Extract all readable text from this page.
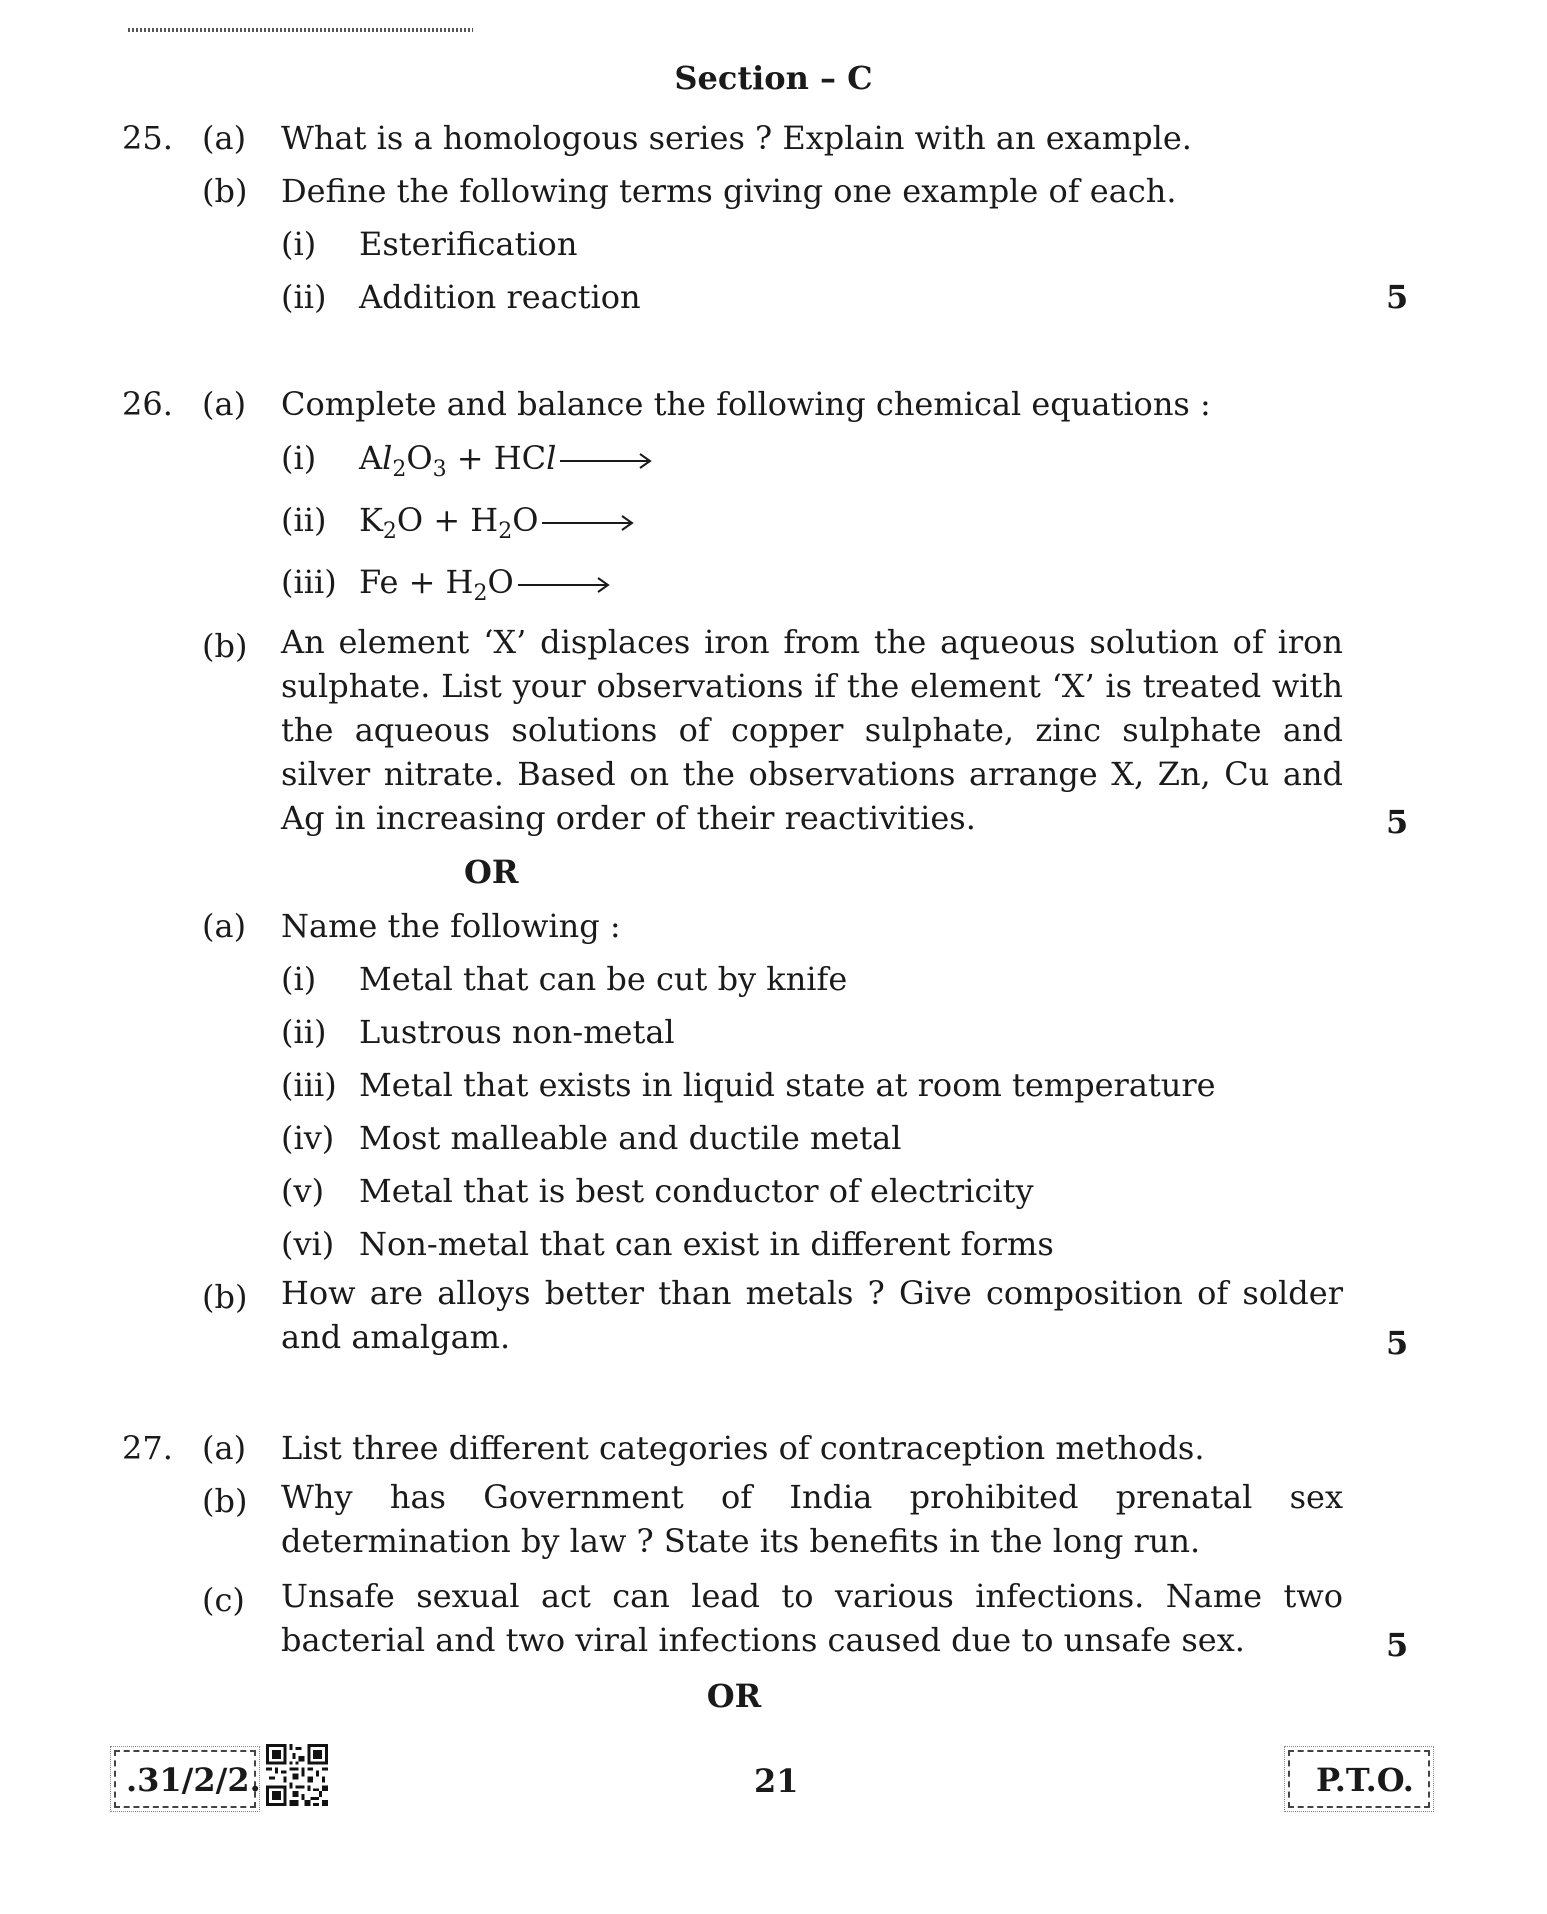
Section – C
25. (a) What is a homologous series ? Explain with an example.
(b) Define the following terms giving one example of each.
(i) Esterification
(ii) Addition reaction	5
26. (a) Complete and balance the following chemical equations :
(i) $Al_2O_3$ + HCl →
(ii) $K_2O + H_2O$ →
(iii) $Fe + H_2O$ →
(b) An element ‘X’ displaces iron from the aqueous solution of iron sulphate. List your observations if the element ‘X’ is treated with the aqueous solutions of copper sulphate, zinc sulphate and silver nitrate. Based on the observations arrange X, Zn, Cu and Ag in increasing order of their reactivities.	5
OR
(a) Name the following :
(i) Metal that can be cut by knife
(ii) Lustrous non-metal
(iii) Metal that exists in liquid state at room temperature
(iv) Most malleable and ductile metal
(v) Metal that is best conductor of electricity
(vi) Non-metal that can exist in different forms
(b) How are alloys better than metals ? Give composition of solder and amalgam.	5
27. (a) List three different categories of contraception methods.
(b) Why has Government of India prohibited prenatal sex determination by law ? State its benefits in the long run.
(c) Unsafe sexual act can lead to various infections. Name two bacterial and two viral infections caused due to unsafe sex.	5
OR
.31/2/2.	21	P.T.O.
